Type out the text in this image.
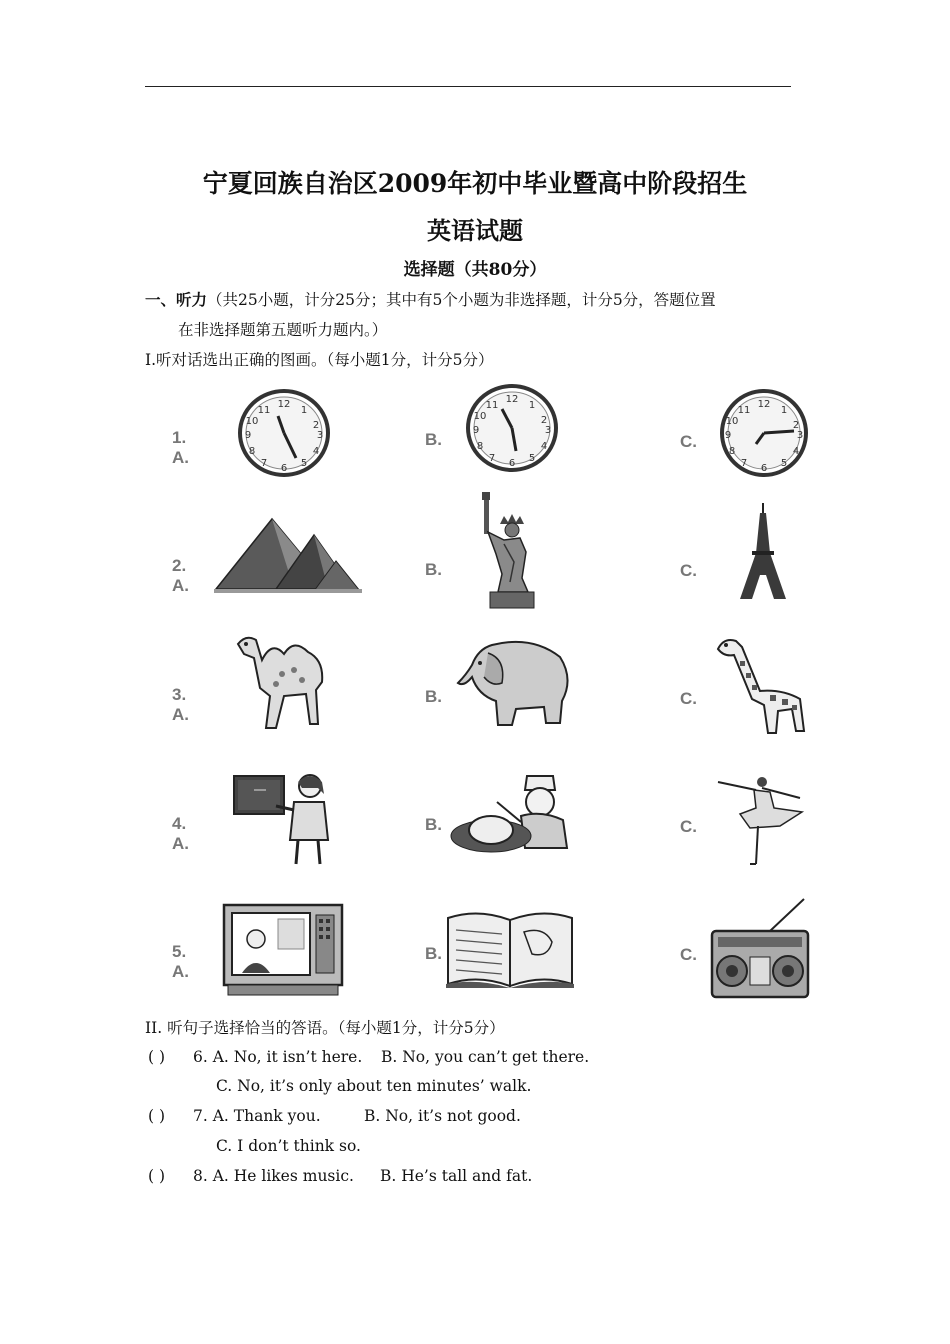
宁夏回族自治区2009年初中毕业暨高中阶段招生
英语试题
选择题（共80分）
一、听力（共25小题，计分25分；其中有5个小题为非选择题，计分5分，答题位置
在非选择题第五题听力题内。）
Ⅰ.听对话选出正确的图画。（每小题1分，计分5分）
1. A.
B.	C.
12
1
2
3
4
5
6
7
8
9
10
11
12
1
2
3
4
5
6
7
8
9
10
11	12
1
2
3
4
5
6
7
8
9
10
11
2. A.
B.	C.
3. A.
B.	C.
4. A.
B.	C.
5. A.
B.	C.
II. 听句子选择恰当的答语。（每小题1分，计分5分）
( ) 6. A. No, it isn’t here. B. No, you can’t get there.
C. No, it’s only about ten minutes’ walk.
( ) 7. A. Thank you.	B. No, it’s not good.
C. I don’t think so.
( ) 8. A. He likes music. B. He’s tall and fat.
